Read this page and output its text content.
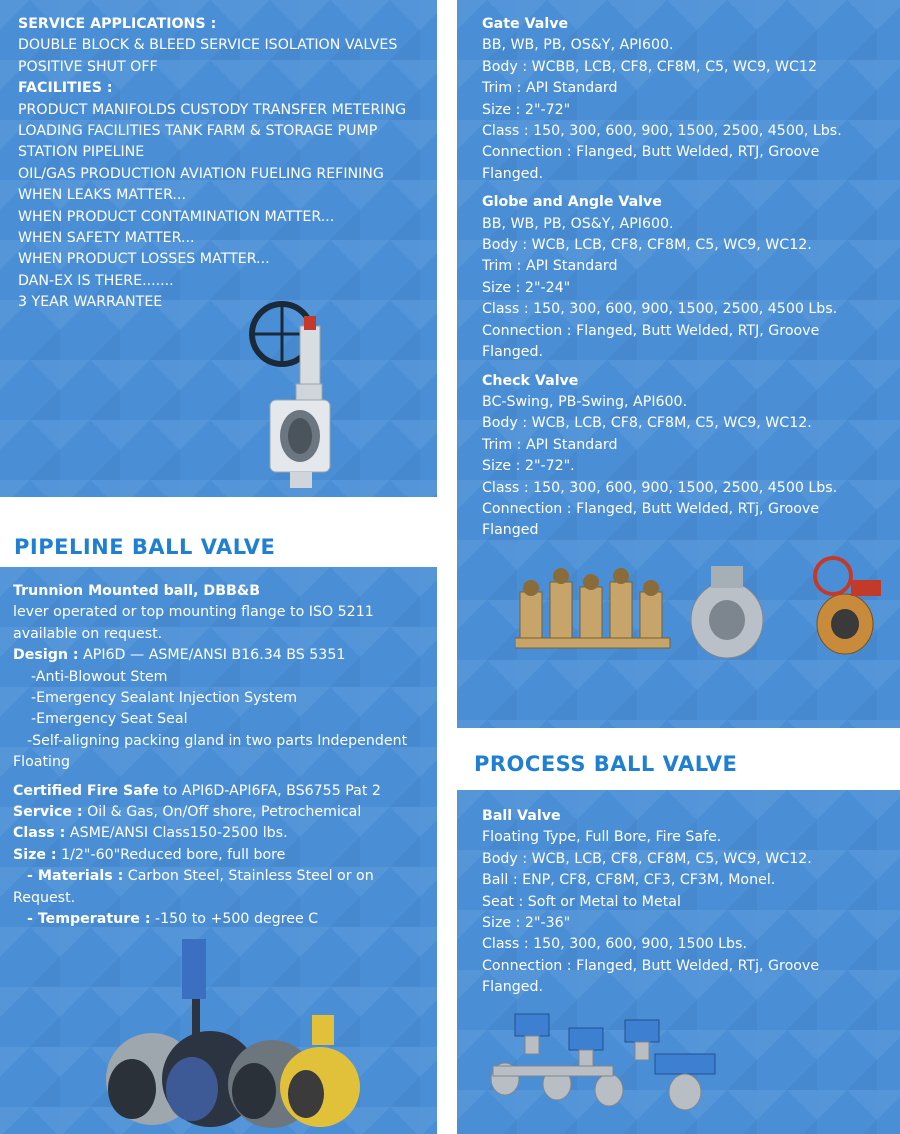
SERVICE APPLICATIONS :
DOUBLE BLOCK & BLEED SERVICE ISOLATION VALVES
POSITIVE SHUT OFF
FACILITIES :
PRODUCT MANIFOLDS CUSTODY TRANSFER METERING
LOADING FACILITIES TANK FARM & STORAGE PUMP
STATION PIPELINE
OIL/GAS PRODUCTION AVIATION FUELING REFINING
WHEN LEAKS MATTER...
WHEN PRODUCT CONTAMINATION MATTER...
WHEN SAFETY MATTER...
WHEN PRODUCT LOSSES MATTER...
DAN-EX IS THERE.......
3 YEAR WARRANTEE
Gate Valve
BB, WB, PB, OS&Y, API600.
Body : WCBB, LCB, CF8, CF8M, C5, WC9, WC12
Trim : API Standard
Size : 2"-72"
Class : 150, 300, 600, 900, 1500, 2500, 4500, Lbs.
Connection : Flanged, Butt Welded, RTJ, Groove
Flanged.
Globe and Angle Valve
BB, WB, PB, OS&Y, API600.
Body : WCB, LCB, CF8, CF8M, C5, WC9, WC12.
Trim : API Standard
Size : 2"-24"
Class : 150, 300, 600, 900, 1500, 2500, 4500 Lbs.
Connection : Flanged, Butt Welded, RTJ, Groove
Flanged.
Check Valve
BC-Swing, PB-Swing, API600.
Body : WCB, LCB, CF8, CF8M, C5, WC9, WC12.
Trim : API Standard
Size : 2"-72".
Class : 150, 300, 600, 900, 1500, 2500, 4500 Lbs.
Connection : Flanged, Butt Welded, RTj, Groove
Flanged
PIPELINE BALL VALVE
Trunnion Mounted ball, DBB&B
lever operated or top mounting flange to ISO 5211
available on request.
Design : API6D — ASME/ANSI B16.34 BS 5351
-Anti-Blowout Stem
-Emergency Sealant Injection System
-Emergency Seat Seal
-Self-aligning packing gland in two parts Independent
Floating
Certified Fire Safe to API6D-API6FA, BS6755 Pat 2
Service : Oil & Gas, On/Off shore, Petrochemical
Class : ASME/ANSI Class150-2500 lbs.
Size : 1/2"-60"Reduced bore, full bore
- Materials : Carbon Steel, Stainless Steel or on
Request.
- Temperature : -150 to +500 degree C
PROCESS BALL VALVE
Ball Valve
Floating Type, Full Bore, Fire Safe.
Body : WCB, LCB, CF8, CF8M, C5, WC9, WC12.
Ball : ENP, CF8, CF8M, CF3, CF3M, Monel.
Seat : Soft or Metal to Metal
Size : 2"-36"
Class : 150, 300, 600, 900, 1500 Lbs.
Connection : Flanged, Butt Welded, RTj, Groove
Flanged.
